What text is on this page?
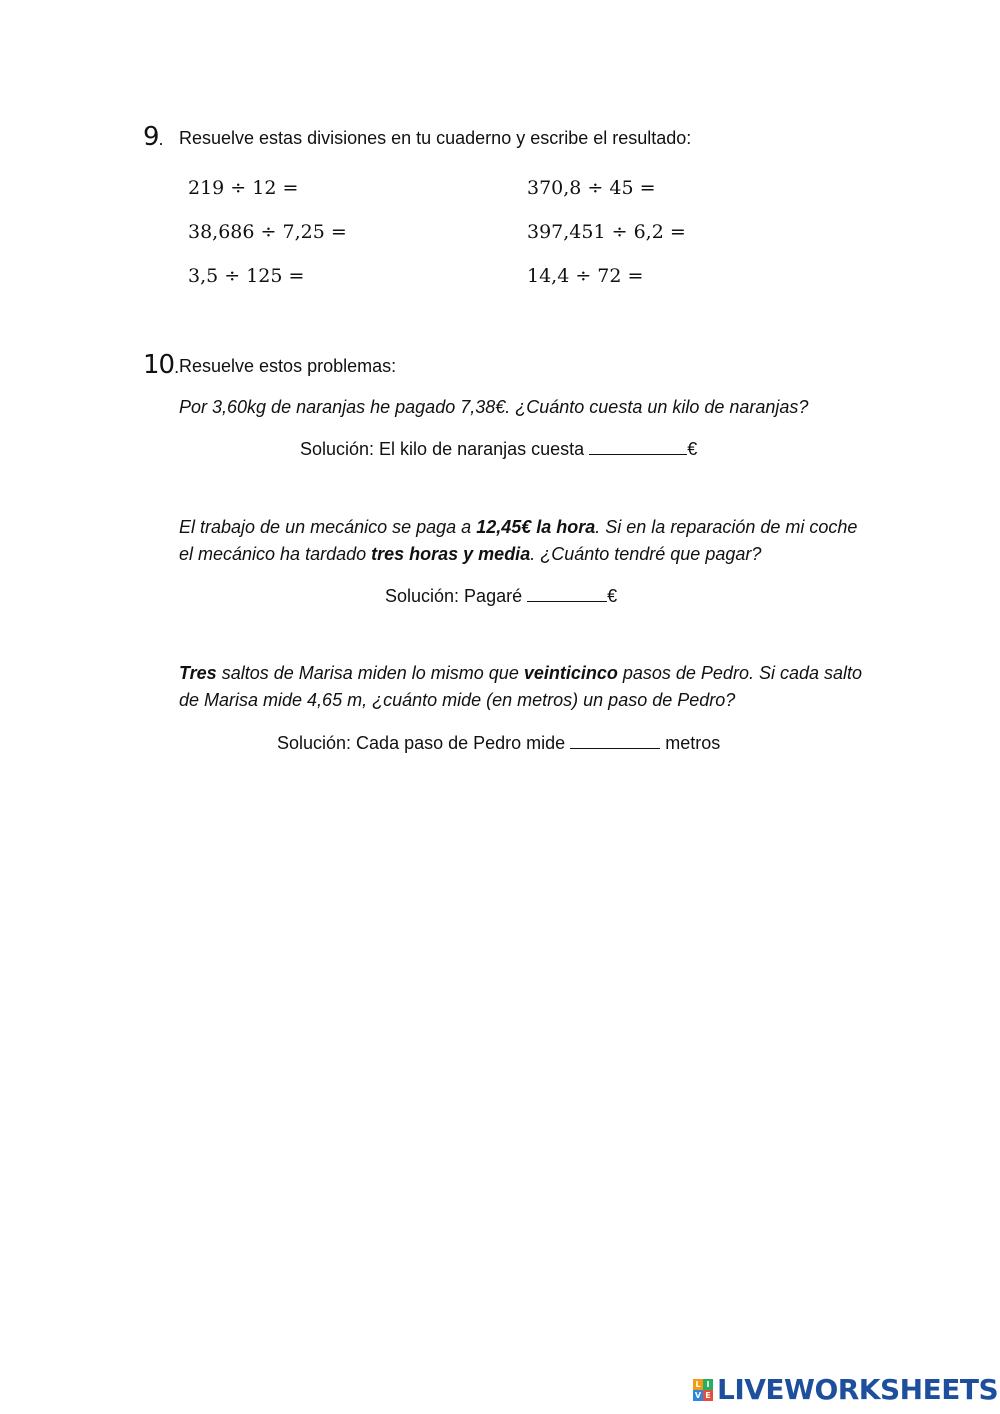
9. Resuelve estas divisiones en tu cuaderno y escribe el resultado:
219 ÷ 12 =	370,8 ÷ 45 =
38,686 ÷ 7,25 =	397,451 ÷ 6,2 =
3,5 ÷ 125 =	14,4 ÷ 72 =
10. Resuelve estos problemas:
Por 3,60kg de naranjas he pagado 7,38€. ¿Cuánto cuesta un kilo de naranjas?
Solución: El kilo de naranjas cuesta	€
El trabajo de un mecánico se paga a 12,45€ la hora. Si en la reparación de mi coche el mecánico ha tardado tres horas y media. ¿Cuánto tendré que pagar?
Solución: Pagaré	€
Tres saltos de Marisa miden lo mismo que veinticinco pasos de Pedro. Si cada salto de Marisa mide 4,65 m, ¿cuánto mide (en metros) un paso de Pedro?
Solución: Cada paso de Pedro mide	metros
L I
V E LIVEWORKSHEETS
